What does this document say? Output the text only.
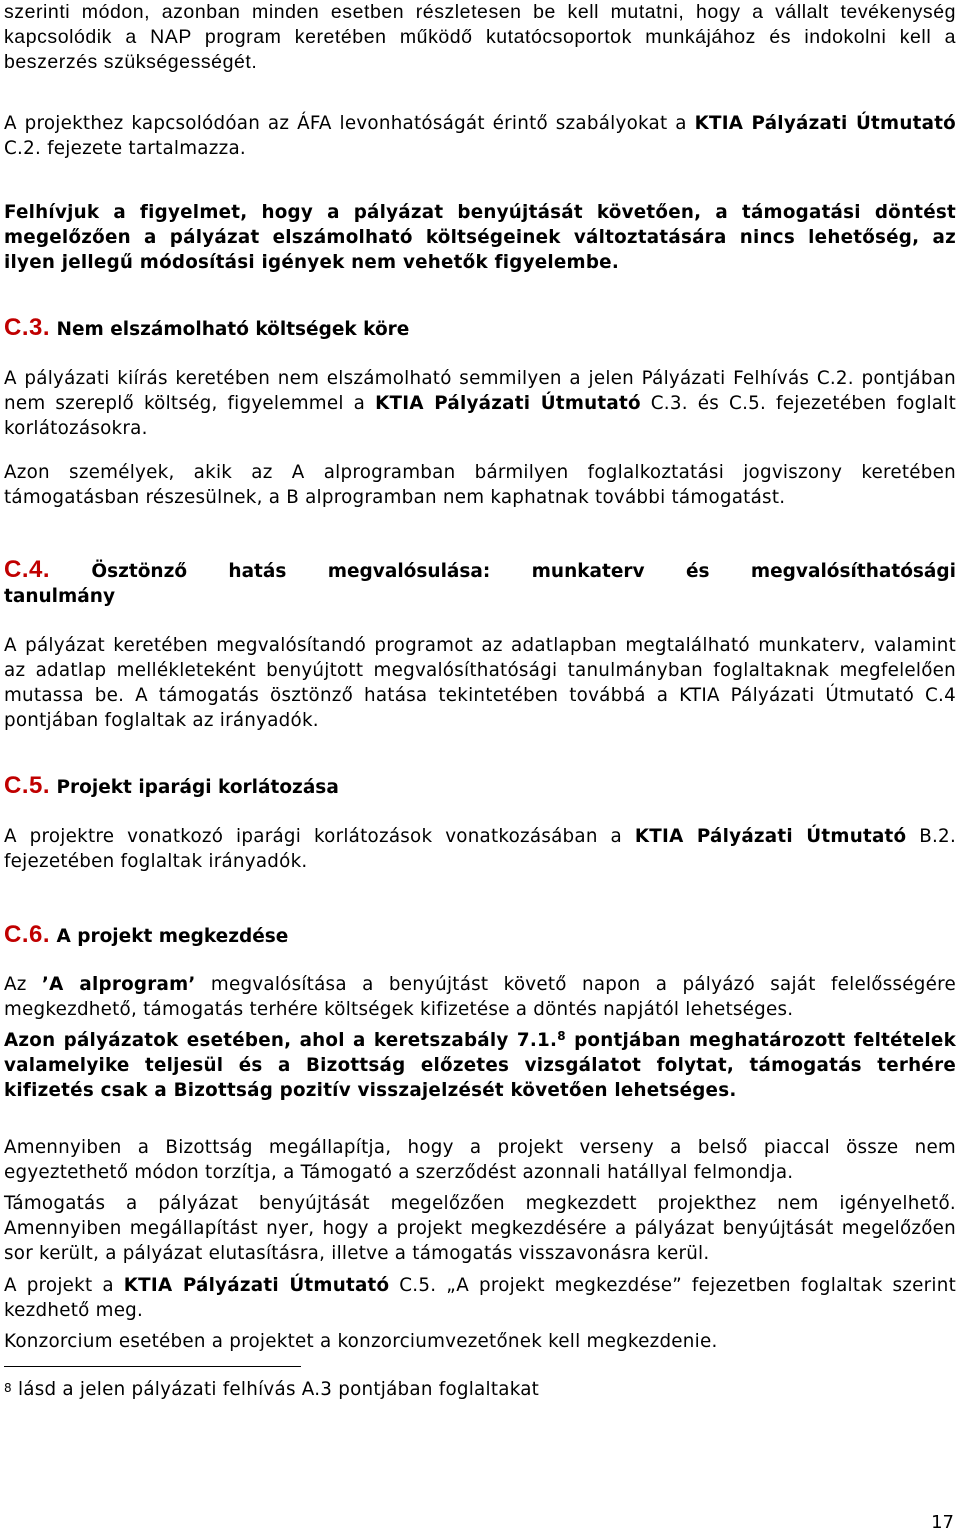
szerinti módon, azonban minden esetben részletesen be kell mutatni, hogy a vállalt tevékenység kapcsolódik a NAP program keretében működő kutatócsoportok munkájához és indokolni kell a beszerzés szükségességét.

A projekthez kapcsolódóan az ÁFA levonhatóságát érintő szabályokat a KTIA Pályázati Útmutató C.2. fejezete tartalmazza.

Felhívjuk a figyelmet, hogy a pályázat benyújtását követően, a támogatási döntést megelőzően a pályázat elszámolható költségeinek változtatására nincs lehetőség, az ilyen jellegű módosítási igények nem vehetők figyelembe.

C.3. Nem elszámolható költségek köre

A pályázati kiírás keretében nem elszámolható semmilyen a jelen Pályázati Felhívás C.2. pontjában nem szereplő költség, figyelemmel a KTIA Pályázati Útmutató C.3. és C.5. fejezetében foglalt korlátozásokra.

Azon személyek, akik az A alprogramban bármilyen foglalkoztatási jogviszony keretében támogatásban részesülnek, a B alprogramban nem kaphatnak további támogatást.

C.4. Ösztönző hatás megvalósulása: munkaterv és megvalósíthatósági

tanulmány

A pályázat keretében megvalósítandó programot az adatlapban megtalálható munkaterv, valamint az adatlap mellékleteként benyújtott megvalósíthatósági tanulmányban foglaltaknak megfelelően mutassa be. A támogatás ösztönző hatása tekintetében továbbá a KTIA Pályázati Útmutató C.4 pontjában foglaltak az irányadók.

C.5. Projekt iparági korlátozása

A projektre vonatkozó iparági korlátozások vonatkozásában a KTIA Pályázati Útmutató B.2. fejezetében foglaltak irányadók.

C.6. A projekt megkezdése

Az ’A alprogram’ megvalósítása a benyújtást követő napon a pályázó saját felelősségére megkezdhető, támogatás terhére költségek kifizetése a döntés napjától lehetséges.

Azon pályázatok esetében, ahol a keretszabály 7.1.$^8$ pontjában meghatározott feltételek valamelyike teljesül és a Bizottság előzetes vizsgálatot folytat, támogatás terhére kifizetés csak a Bizottság pozitív visszajelzését követően lehetséges.

Amennyiben a Bizottság megállapítja, hogy a projekt verseny a belső piaccal össze nem egyeztethető módon torzítja, a Támogató a szerződést azonnali hatállyal felmondja.

Támogatás a pályázat benyújtását megelőzően megkezdett projekthez nem igényelhető. Amennyiben megállapítást nyer, hogy a projekt megkezdésére a pályázat benyújtását megelőzően sor került, a pályázat elutasításra, illetve a támogatás visszavonásra kerül.

A projekt a KTIA Pályázati Útmutató C.5. „A projekt megkezdése” fejezetben foglaltak szerint kezdhető meg.

Konzorcium esetében a projektet a konzorciumvezetőnek kell megkezdenie.

$^8$ lásd a jelen pályázati felhívás A.3 pontjában foglaltakat
17
